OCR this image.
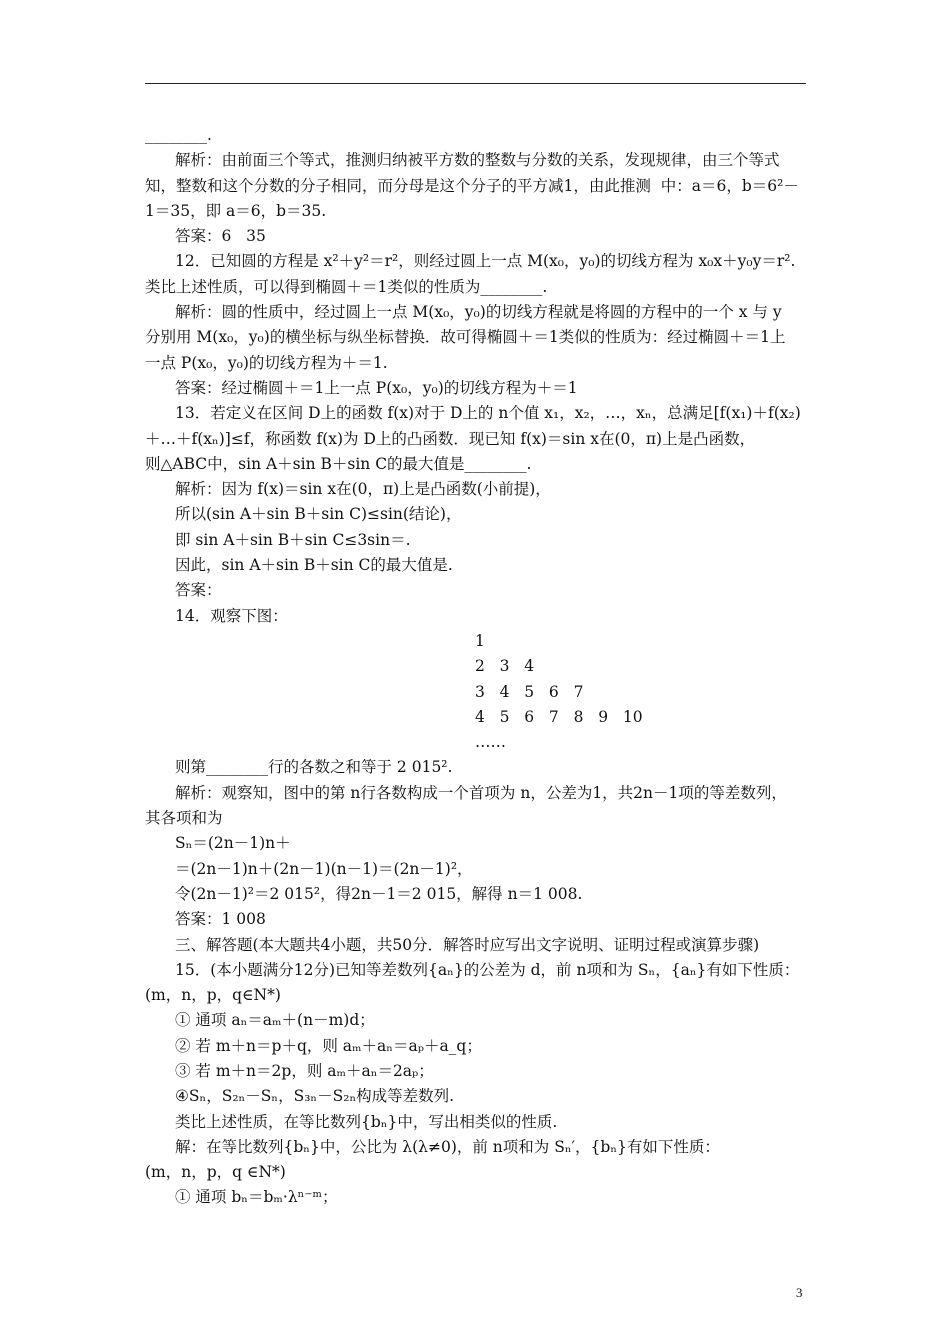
________.
解析：由前面三个等式，推测归纳被平方数的整数与分数的关系，发现规律，由三个等式
知，整数和这个分数的分子相同，而分母是这个分子的平方减1，由此推测  中：a＝6，b＝6²－
1＝35，即 a＝6，b＝35.
答案：6   35
12．已知圆的方程是 x²＋y²＝r²，则经过圆上一点 M(x₀，y₀)的切线方程为 x₀x＋y₀y＝r².
类比上述性质，可以得到椭圆＋＝1类似的性质为________.
解析：圆的性质中，经过圆上一点 M(x₀，y₀)的切线方程就是将圆的方程中的一个 x 与 y
分别用 M(x₀，y₀)的横坐标与纵坐标替换．故可得椭圆＋＝1类似的性质为：经过椭圆＋＝1上
一点 P(x₀，y₀)的切线方程为＋＝1.
答案：经过椭圆＋＝1上一点 P(x₀，y₀)的切线方程为＋＝1
13．若定义在区间 D上的函数 f(x)对于 D上的 n个值 x₁，x₂，…，xₙ，总满足[f(x₁)＋f(x₂)
＋…＋f(xₙ)]≤f，称函数 f(x)为 D上的凸函数．现已知 f(x)＝sin x在(0，π)上是凸函数，
则△ABC中，sin A＋sin B＋sin C的最大值是________.
解析：因为 f(x)＝sin x在(0，π)上是凸函数(小前提)，
所以(sin A＋sin B＋sin C)≤sin(结论)，
即 sin A＋sin B＋sin C≤3sin＝.
因此，sin A＋sin B＋sin C的最大值是.
答案：
14．观察下图：
1
2   3   4
3   4   5   6   7
4   5   6   7   8   9   10
……
则第________行的各数之和等于 2 015².
解析：观察知，图中的第 n行各数构成一个首项为 n，公差为1，共2n－1项的等差数列，
其各项和为
Sₙ＝(2n－1)n＋
＝(2n－1)n＋(2n－1)(n－1)＝(2n－1)²，
令(2n－1)²＝2 015²，得2n－1＝2 015，解得 n＝1 008.
答案：1 008
三、解答题(本大题共4小题，共50分．解答时应写出文字说明、证明过程或演算步骤)
15．(本小题满分12分)已知等差数列{aₙ}的公差为 d，前 n项和为 Sₙ，{aₙ}有如下性质：
(m，n，p，q∈N*)
① 通项 aₙ＝aₘ＋(n－m)d；
② 若 m＋n＝p＋q，则 aₘ＋aₙ＝aₚ＋a_q；
③ 若 m＋n＝2p，则 aₘ＋aₙ＝2aₚ；
④Sₙ，S₂ₙ－Sₙ，S₃ₙ－S₂ₙ构成等差数列.
类比上述性质，在等比数列{bₙ}中，写出相类似的性质.
解：在等比数列{bₙ}中，公比为 λ(λ≠0)，前 n项和为 Sₙ′，{bₙ}有如下性质：
(m，n，p，q ∈N*)
① 通项 bₙ＝bₘ·λⁿ⁻ᵐ；
3
